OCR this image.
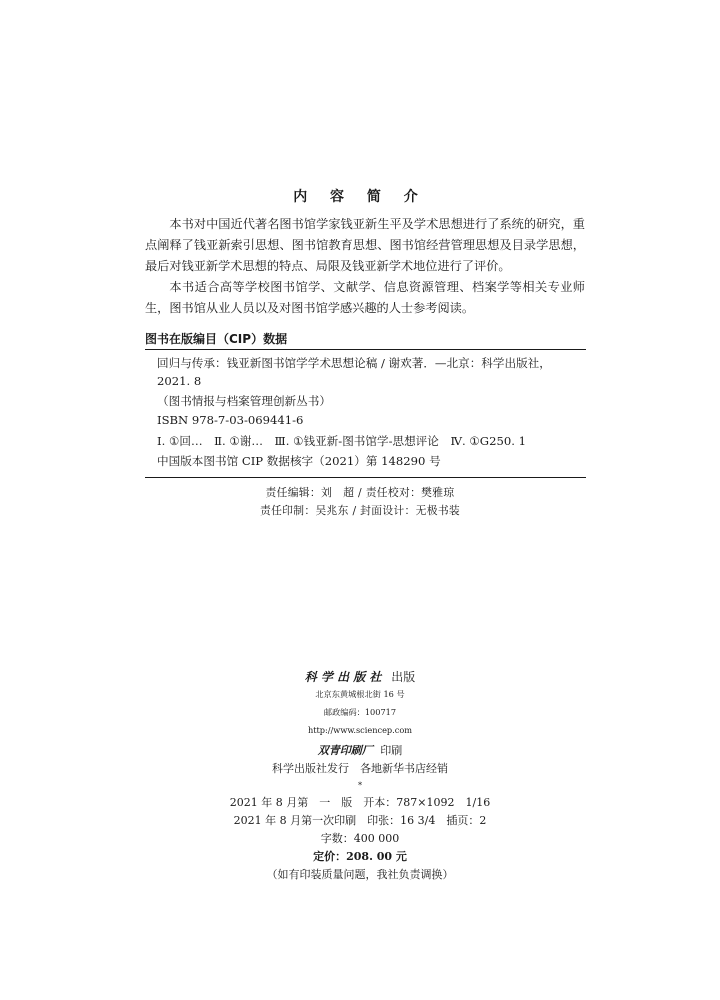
内 容 简 介

本书对中国近代著名图书馆学家钱亚新生平及学术思想进行了系统的研究，重点阐释了钱亚新索引思想、图书馆教育思想、图书馆经营管理思想及目录学思想，最后对钱亚新学术思想的特点、局限及钱亚新学术地位进行了评价。

本书适合高等学校图书馆学、文献学、信息资源管理、档案学等相关专业师生，图书馆从业人员以及对图书馆学感兴趣的人士参考阅读。

图书在版编目（CIP）数据
回归与传承：钱亚新图书馆学学术思想论稿 / 谢欢著．—北京：科学出版社，
2021. 8
（图书情报与档案管理创新丛书）
ISBN 978-7-03-069441-6
Ⅰ. ①回…　Ⅱ. ①谢…　Ⅲ. ①钱亚新-图书馆学-思想评论　Ⅳ. ①G250. 1
中国版本图书馆 CIP 数据核字（2021）第 148290 号
责任编辑：刘　超 / 责任校对：樊雅琼
责任印制：吴兆东 / 封面设计：无极书装
科 学 出 版 社 出版
北京东黄城根北街 16 号
邮政编码：100717
http://www.sciencep.com
双青印刷厂 印刷
科学出版社发行　各地新华书店经销
*
2021 年 8 月第　一　版　开本：787×1092　1/16
2021 年 8 月第一次印刷　印张：16 3/4　插页：2
字数：400 000
定价：208. 00 元
（如有印装质量问题，我社负责调换）
